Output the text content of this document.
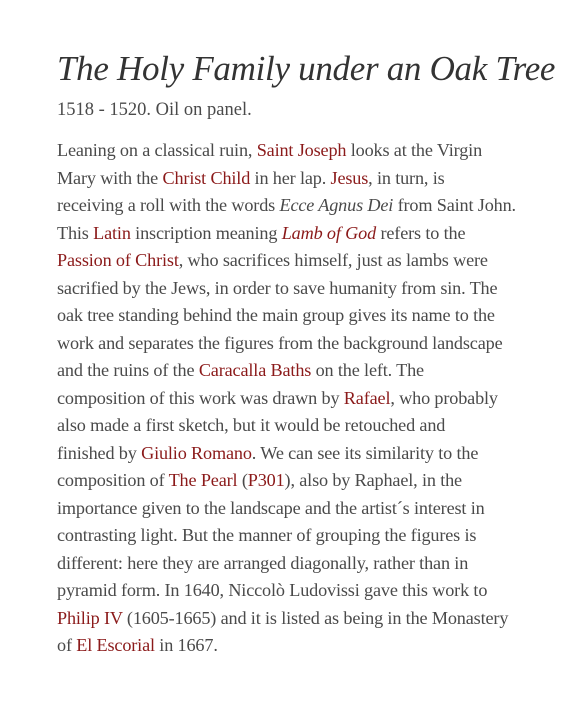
The Holy Family under an Oak Tree

1518 - 1520. Oil on panel.

Leaning on a classical ruin, Saint Joseph looks at the Virgin
Mary with the Christ Child in her lap. Jesus, in turn, is
receiving a roll with the words Ecce Agnus Dei from Saint John.
This Latin inscription meaning Lamb of God refers to the
Passion of Christ, who sacrifices himself, just as lambs were
sacrified by the Jews, in order to save humanity from sin. The
oak tree standing behind the main group gives its name to the
work and separates the figures from the background landscape
and the ruins of the Caracalla Baths on the left. The
composition of this work was drawn by Rafael, who probably
also made a first sketch, but it would be retouched and
finished by Giulio Romano. We can see its similarity to the
composition of The Pearl (P301), also by Raphael, in the
importance given to the landscape and the artist´s interest in
contrasting light. But the manner of grouping the figures is
different: here they are arranged diagonally, rather than in
pyramid form. In 1640, Niccolò Ludovissi gave this work to
Philip IV (1605-1665) and it is listed as being in the Monastery
of El Escorial in 1667.
